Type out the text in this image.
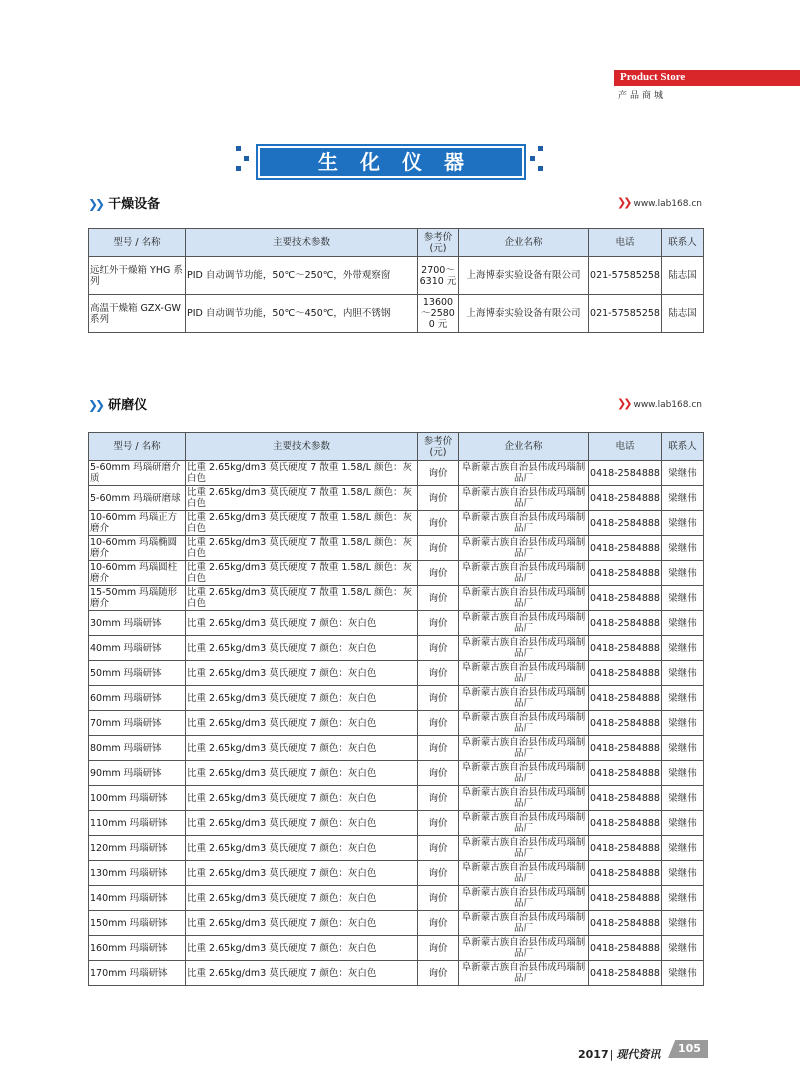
Product Store
产品商城
生化仪器
❯❯ 干燥设备	❯❯ www.lab168.cn
型号 / 名称	主要技术参数	参考价(元)	企业名称	电话	联系人
远红外干燥箱 YHG 系列	PID 自动调节功能，50℃～250℃，外带观察窗	2700～6310 元	上海博泰实验设备有限公司	021-57585258	陆志国
高温干燥箱 GZX-GW 系列	PID 自动调节功能，50℃～450℃，内胆不锈钢	13600～25800 元	上海博泰实验设备有限公司	021-57585258	陆志国
❯❯ 研磨仪	❯❯ www.lab168.cn
型号 / 名称	主要技术参数	参考价(元)	企业名称	电话	联系人
5-60mm 玛瑙研磨介质	比重 2.65kg/dm3 莫氏硬度 7 散重 1.58/L 颜色：灰白色	询价	阜新蒙古族自治县伟成玛瑙制品厂	0418-2584888	梁继伟
5-60mm 玛瑙研磨球	比重 2.65kg/dm3 莫氏硬度 7 散重 1.58/L 颜色：灰白色	询价	阜新蒙古族自治县伟成玛瑙制品厂	0418-2584888	梁继伟
10-60mm 玛瑙正方磨介	比重 2.65kg/dm3 莫氏硬度 7 散重 1.58/L 颜色：灰白色	询价	阜新蒙古族自治县伟成玛瑙制品厂	0418-2584888	梁继伟
10-60mm 玛瑙椭圆磨介	比重 2.65kg/dm3 莫氏硬度 7 散重 1.58/L 颜色：灰白色	询价	阜新蒙古族自治县伟成玛瑙制品厂	0418-2584888	梁继伟
10-60mm 玛瑙圆柱磨介	比重 2.65kg/dm3 莫氏硬度 7 散重 1.58/L 颜色：灰白色	询价	阜新蒙古族自治县伟成玛瑙制品厂	0418-2584888	梁继伟
15-50mm 玛瑙随形磨介	比重 2.65kg/dm3 莫氏硬度 7 散重 1.58/L 颜色：灰白色	询价	阜新蒙古族自治县伟成玛瑙制品厂	0418-2584888	梁继伟
30mm 玛瑙研钵	比重 2.65kg/dm3 莫氏硬度 7 颜色：灰白色	询价	阜新蒙古族自治县伟成玛瑙制品厂	0418-2584888	梁继伟
40mm 玛瑙研钵	比重 2.65kg/dm3 莫氏硬度 7 颜色：灰白色	询价	阜新蒙古族自治县伟成玛瑙制品厂	0418-2584888	梁继伟
50mm 玛瑙研钵	比重 2.65kg/dm3 莫氏硬度 7 颜色：灰白色	询价	阜新蒙古族自治县伟成玛瑙制品厂	0418-2584888	梁继伟
60mm 玛瑙研钵	比重 2.65kg/dm3 莫氏硬度 7 颜色：灰白色	询价	阜新蒙古族自治县伟成玛瑙制品厂	0418-2584888	梁继伟
70mm 玛瑙研钵	比重 2.65kg/dm3 莫氏硬度 7 颜色：灰白色	询价	阜新蒙古族自治县伟成玛瑙制品厂	0418-2584888	梁继伟
80mm 玛瑙研钵	比重 2.65kg/dm3 莫氏硬度 7 颜色：灰白色	询价	阜新蒙古族自治县伟成玛瑙制品厂	0418-2584888	梁继伟
90mm 玛瑙研钵	比重 2.65kg/dm3 莫氏硬度 7 颜色：灰白色	询价	阜新蒙古族自治县伟成玛瑙制品厂	0418-2584888	梁继伟
100mm 玛瑙研钵	比重 2.65kg/dm3 莫氏硬度 7 颜色：灰白色	询价	阜新蒙古族自治县伟成玛瑙制品厂	0418-2584888	梁继伟
110mm 玛瑙研钵	比重 2.65kg/dm3 莫氏硬度 7 颜色：灰白色	询价	阜新蒙古族自治县伟成玛瑙制品厂	0418-2584888	梁继伟
120mm 玛瑙研钵	比重 2.65kg/dm3 莫氏硬度 7 颜色：灰白色	询价	阜新蒙古族自治县伟成玛瑙制品厂	0418-2584888	梁继伟
130mm 玛瑙研钵	比重 2.65kg/dm3 莫氏硬度 7 颜色：灰白色	询价	阜新蒙古族自治县伟成玛瑙制品厂	0418-2584888	梁继伟
140mm 玛瑙研钵	比重 2.65kg/dm3 莫氏硬度 7 颜色：灰白色	询价	阜新蒙古族自治县伟成玛瑙制品厂	0418-2584888	梁继伟
150mm 玛瑙研钵	比重 2.65kg/dm3 莫氏硬度 7 颜色：灰白色	询价	阜新蒙古族自治县伟成玛瑙制品厂	0418-2584888	梁继伟
160mm 玛瑙研钵	比重 2.65kg/dm3 莫氏硬度 7 颜色：灰白色	询价	阜新蒙古族自治县伟成玛瑙制品厂	0418-2584888	梁继伟
170mm 玛瑙研钵	比重 2.65kg/dm3 莫氏硬度 7 颜色：灰白色	询价	阜新蒙古族自治县伟成玛瑙制品厂	0418-2584888	梁继伟
2017| 现代资讯 105
